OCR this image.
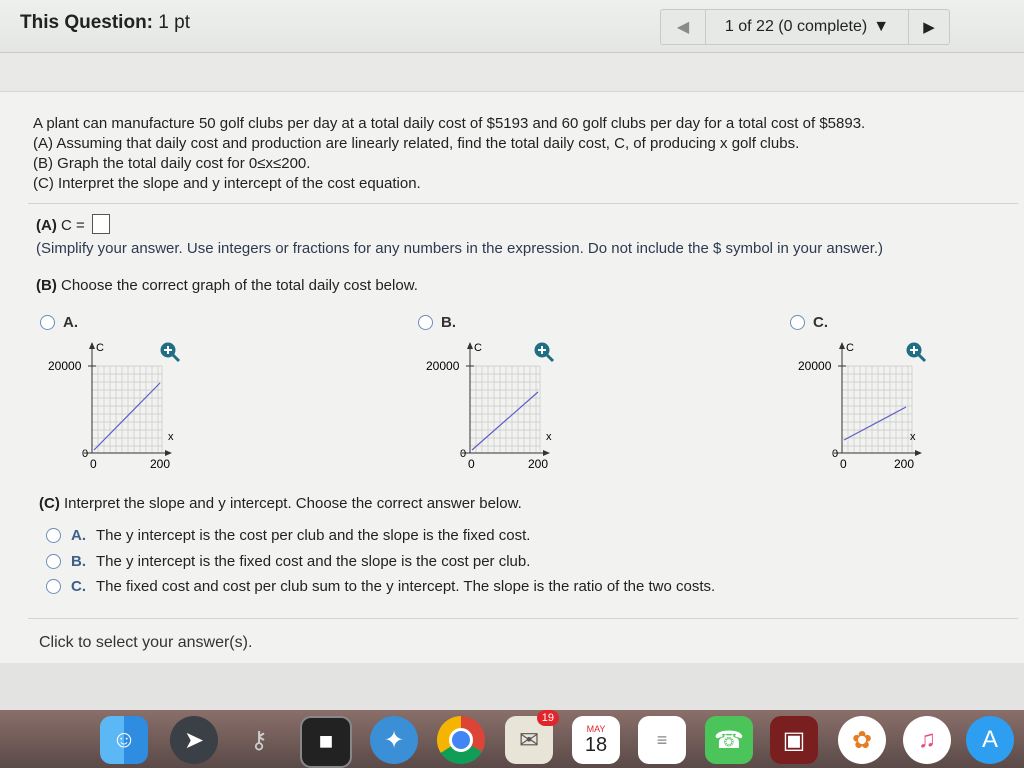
This Question: 1 pt	◀	1 of 22 (0 complete) ▼	▶
A plant can manufacture 50 golf clubs per day at a total daily cost of $5193 and 60 golf clubs per day for a total cost of $5893.
(A) Assuming that daily cost and production are linearly related, find the total daily cost, C, of producing x golf clubs.
(B) Graph the total daily cost for 0≤x≤200.
(C) Interpret the slope and y intercept of the cost equation.
(A) C =
(Simplify your answer. Use integers or fractions for any numbers in the expression. Do not include the $ symbol in your answer.)
(B) Choose the correct graph of the total daily cost below.
A.
C
20000
0
0	200
x
B.
C
20000
0
0	200
x
C.
C
20000
0
0	200
x
(C) Interpret the slope and y intercept. Choose the correct answer below.
A. The y intercept is the cost per club and the slope is the fixed cost.
B. The y intercept is the fixed cost and the slope is the cost per club.
C. The fixed cost and cost per club sum to the y intercept. The slope is the ratio of the two costs.
Click to select your answer(s).
☺	➤	⚷	■	✦	✉
19
MAY
18	≡	☎	▣	✿	♫	A
